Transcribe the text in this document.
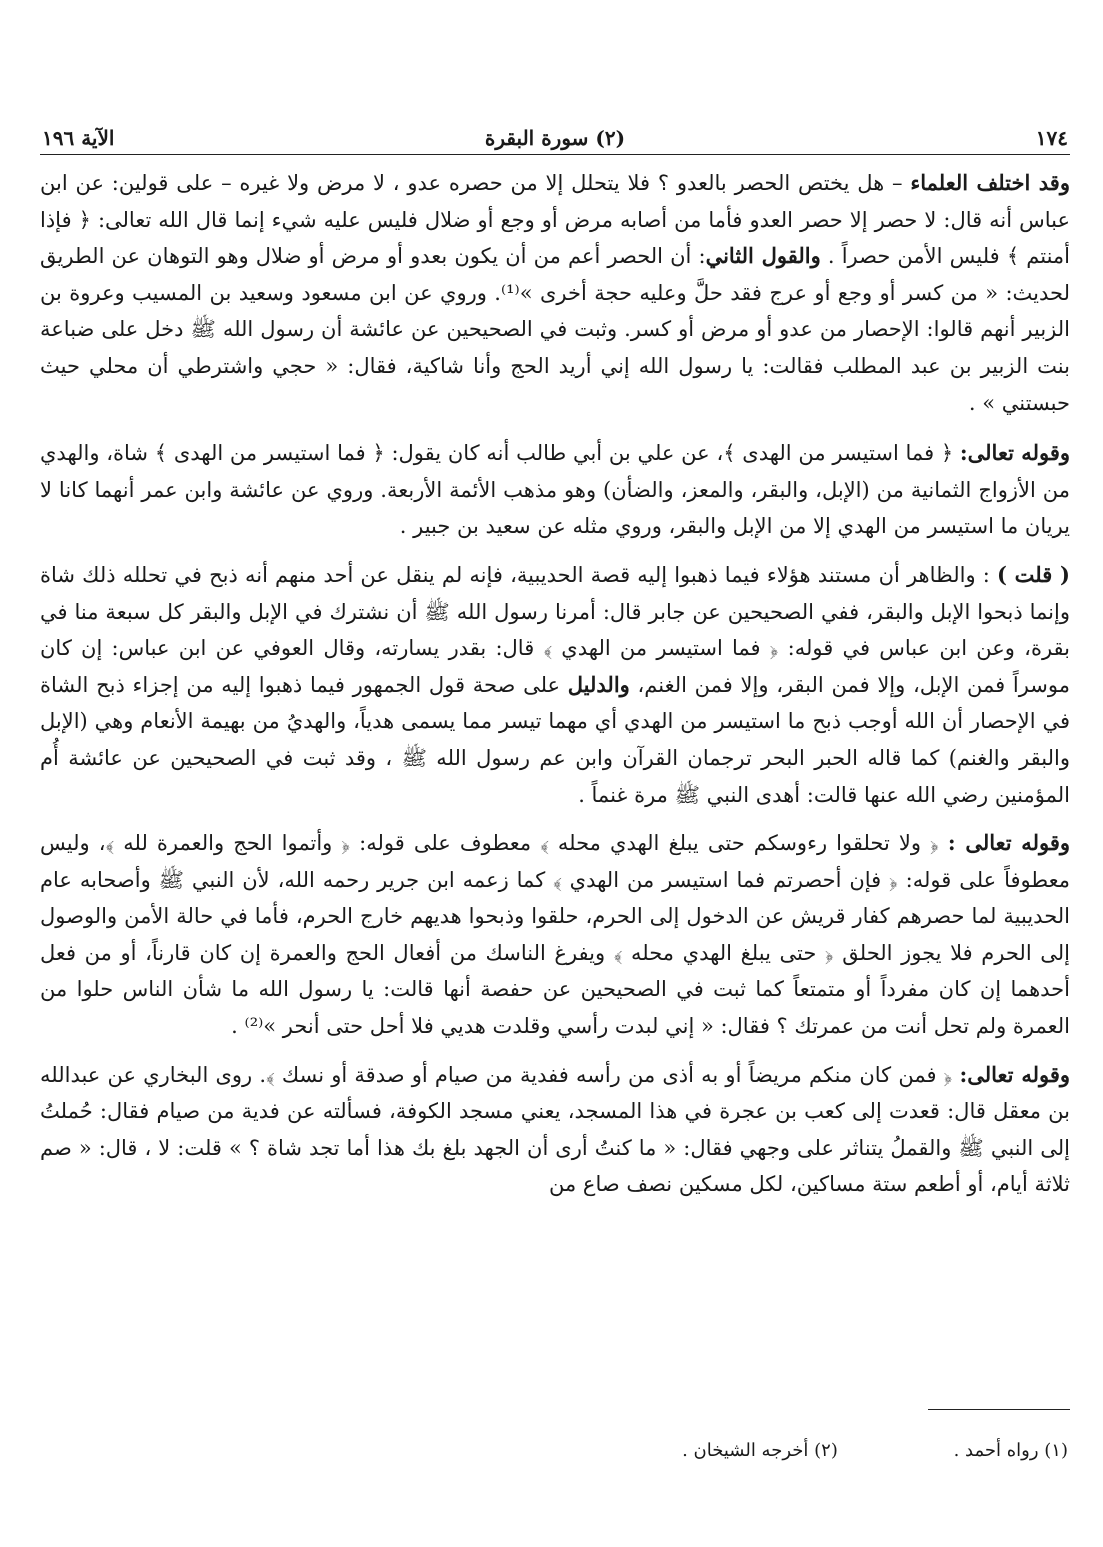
١٧٤
(٢) سورة البقرة
الآية ١٩٦

وقد اختلف العلماء – هل يختص الحصر بالعدو ؟ فلا يتحلل إلا من حصره عدو ، لا مرض ولا غيره – على قولين: عن ابن عباس أنه قال: لا حصر إلا حصر العدو فأما من أصابه مرض أو وجع أو ضلال فليس عليه شيء إنما قال الله تعالى: ﴿ فإذا أمنتم ﴾ فليس الأمن حصراً . والقول الثاني: أن الحصر أعم من أن يكون بعدو أو مرض أو ضلال وهو التوهان عن الطريق لحديث: « من كسر أو وجع أو عرج فقد حلَّ وعليه حجة أخرى »⁽¹⁾. وروي عن ابن مسعود وسعيد بن المسيب وعروة بن الزبير أنهم قالوا: الإحصار من عدو أو مرض أو كسر. وثبت في الصحيحين عن عائشة أن رسول الله ﷺ دخل على ضباعة بنت الزبير بن عبد المطلب فقالت: يا رسول الله إني أريد الحج وأنا شاكية، فقال: « حجي واشترطي أن محلي حيث حبستني » .

وقوله تعالى: ﴿ فما استيسر من الهدى ﴾، عن علي بن أبي طالب أنه كان يقول: ﴿ فما استيسر من الهدى ﴾ شاة، والهدي من الأزواج الثمانية من (الإبل، والبقر، والمعز، والضأن) وهو مذهب الأئمة الأربعة. وروي عن عائشة وابن عمر أنهما كانا لا يريان ما استيسر من الهدي إلا من الإبل والبقر، وروي مثله عن سعيد بن جبير .

( قلت ) : والظاهر أن مستند هؤلاء فيما ذهبوا إليه قصة الحديبية، فإنه لم ينقل عن أحد منهم أنه ذبح في تحلله ذلك شاة وإنما ذبحوا الإبل والبقر، ففي الصحيحين عن جابر قال: أمرنا رسول الله ﷺ أن نشترك في الإبل والبقر كل سبعة منا في بقرة، وعن ابن عباس في قوله: ﴿ فما استيسر من الهدي ﴾ قال: بقدر يسارته، وقال العوفي عن ابن عباس: إن كان موسراً فمن الإبل، وإلا فمن البقر، وإلا فمن الغنم، والدليل على صحة قول الجمهور فيما ذهبوا إليه من إجزاء ذبح الشاة في الإحصار أن الله أوجب ذبح ما استيسر من الهدي أي مهما تيسر مما يسمى هدياً، والهديُ من بهيمة الأنعام وهي (الإبل والبقر والغنم) كما قاله الحبر البحر ترجمان القرآن وابن عم رسول الله ﷺ ، وقد ثبت في الصحيحين عن عائشة أُم المؤمنين رضي الله عنها قالت: أهدى النبي ﷺ مرة غنماً .

وقوله تعالى : ﴿ ولا تحلقوا رءوسكم حتى يبلغ الهدي محله ﴾ معطوف على قوله: ﴿ وأتموا الحج والعمرة لله ﴾، وليس معطوفاً على قوله: ﴿ فإن أحصرتم فما استيسر من الهدي ﴾ كما زعمه ابن جرير رحمه الله، لأن النبي ﷺ وأصحابه عام الحديبية لما حصرهم كفار قريش عن الدخول إلى الحرم، حلقوا وذبحوا هديهم خارج الحرم، فأما في حالة الأمن والوصول إلى الحرم فلا يجوز الحلق ﴿ حتى يبلغ الهدي محله ﴾ ويفرغ الناسك من أفعال الحج والعمرة إن كان قارناً، أو من فعل أحدهما إن كان مفرداً أو متمتعاً كما ثبت في الصحيحين عن حفصة أنها قالت: يا رسول الله ما شأن الناس حلوا من العمرة ولم تحل أنت من عمرتك ؟ فقال: « إني لبدت رأسي وقلدت هديي فلا أحل حتى أنحر »⁽²⁾ .

وقوله تعالى: ﴿ فمن كان منكم مريضاً أو به أذى من رأسه ففدية من صيام أو صدقة أو نسك ﴾. روى البخاري عن عبدالله بن معقل قال: قعدت إلى كعب بن عجرة في هذا المسجد، يعني مسجد الكوفة، فسألته عن فدية من صيام فقال: حُملتُ إلى النبي ﷺ والقملُ يتناثر على وجهي فقال: « ما كنتُ أرى أن الجهد بلغ بك هذا أما تجد شاة ؟ » قلت: لا ، قال: « صم ثلاثة أيام، أو أطعم ستة مساكين، لكل مسكين نصف صاع من

(١) رواه أحمد . (٢) أخرجه الشيخان .
